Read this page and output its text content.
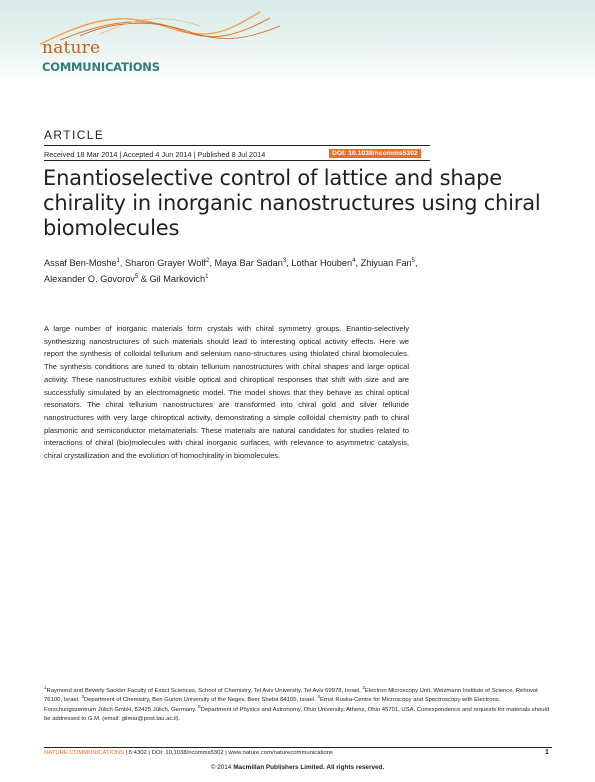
nature
COMMUNICATIONS
ARTICLE
Received 18 Mar 2014 | Accepted 4 Jun 2014 | Published 8 Jul 2014	DOI: 10.1038/ncomms5302
Enantioselective control of lattice and shape chirality in inorganic nanostructures using chiral biomolecules
Assaf Ben-Moshe$^1$, Sharon Grayer Wolf$^2$, Maya Bar Sadan$^3$, Lothar Houben$^4$, Zhiyuan Fan$^5$,
Alexander O. Govorov$^5$ & Gil Markovich$^1$

A large number of inorganic materials form crystals with chiral symmetry groups. Enantio-selectively synthesizing nanostructures of such materials should lead to interesting optical activity effects. Here we report the synthesis of colloidal tellurium and selenium nano-structures using thiolated chiral biomolecules. The synthesis conditions are tuned to obtain tellurium nanostructures with chiral shapes and large optical activity. These nanostructures exhibit visible optical and chiroptical responses that shift with size and are successfully simulated by an electromagnetic model. The model shows that they behave as chiral optical resonators. The chiral tellurium nanostructures are transformed into chiral gold and silver telluride nanostructures with very large chiroptical activity, demonstrating a simple colloidal chemistry path to chiral plasmonic and semiconductor metamaterials. These materials are natural candidates for studies related to interactions of chiral (bio)molecules with chiral inorganic surfaces, with relevance to asymmetric catalysis, chiral crystallization and the evolution of homochirality in biomolecules.

$^1$Raymond and Beverly Sackler Faculty of Exact Sciences, School of Chemistry, Tel Aviv University, Tel Aviv 69978, Israel. $^2$Electron Microscopy Unit, Weizmann Institute of Science, Rehovot 76100, Israel. $^3$Department of Chemistry, Ben Gurion University of the Negev, Beer Sheba 84105, Israel. $^4$Ernst Ruska-Centre for Microscopy and Spectroscopy with Electrons, Forschungszentrum Jülich GmbH, 52425 Jülich, Germany. $^5$Department of Physics and Astronomy, Ohio University, Athens, Ohio 45701, USA. Correspondence and requests for materials should be addressed to G.M. (email: gilmar@post.tau.ac.il).

NATURE COMMUNICATIONS | 5:4302 | DOI: 10.1038/ncomms5302 | www.nature.com/naturecommunications	1
© 2014 Macmillan Publishers Limited. All rights reserved.
